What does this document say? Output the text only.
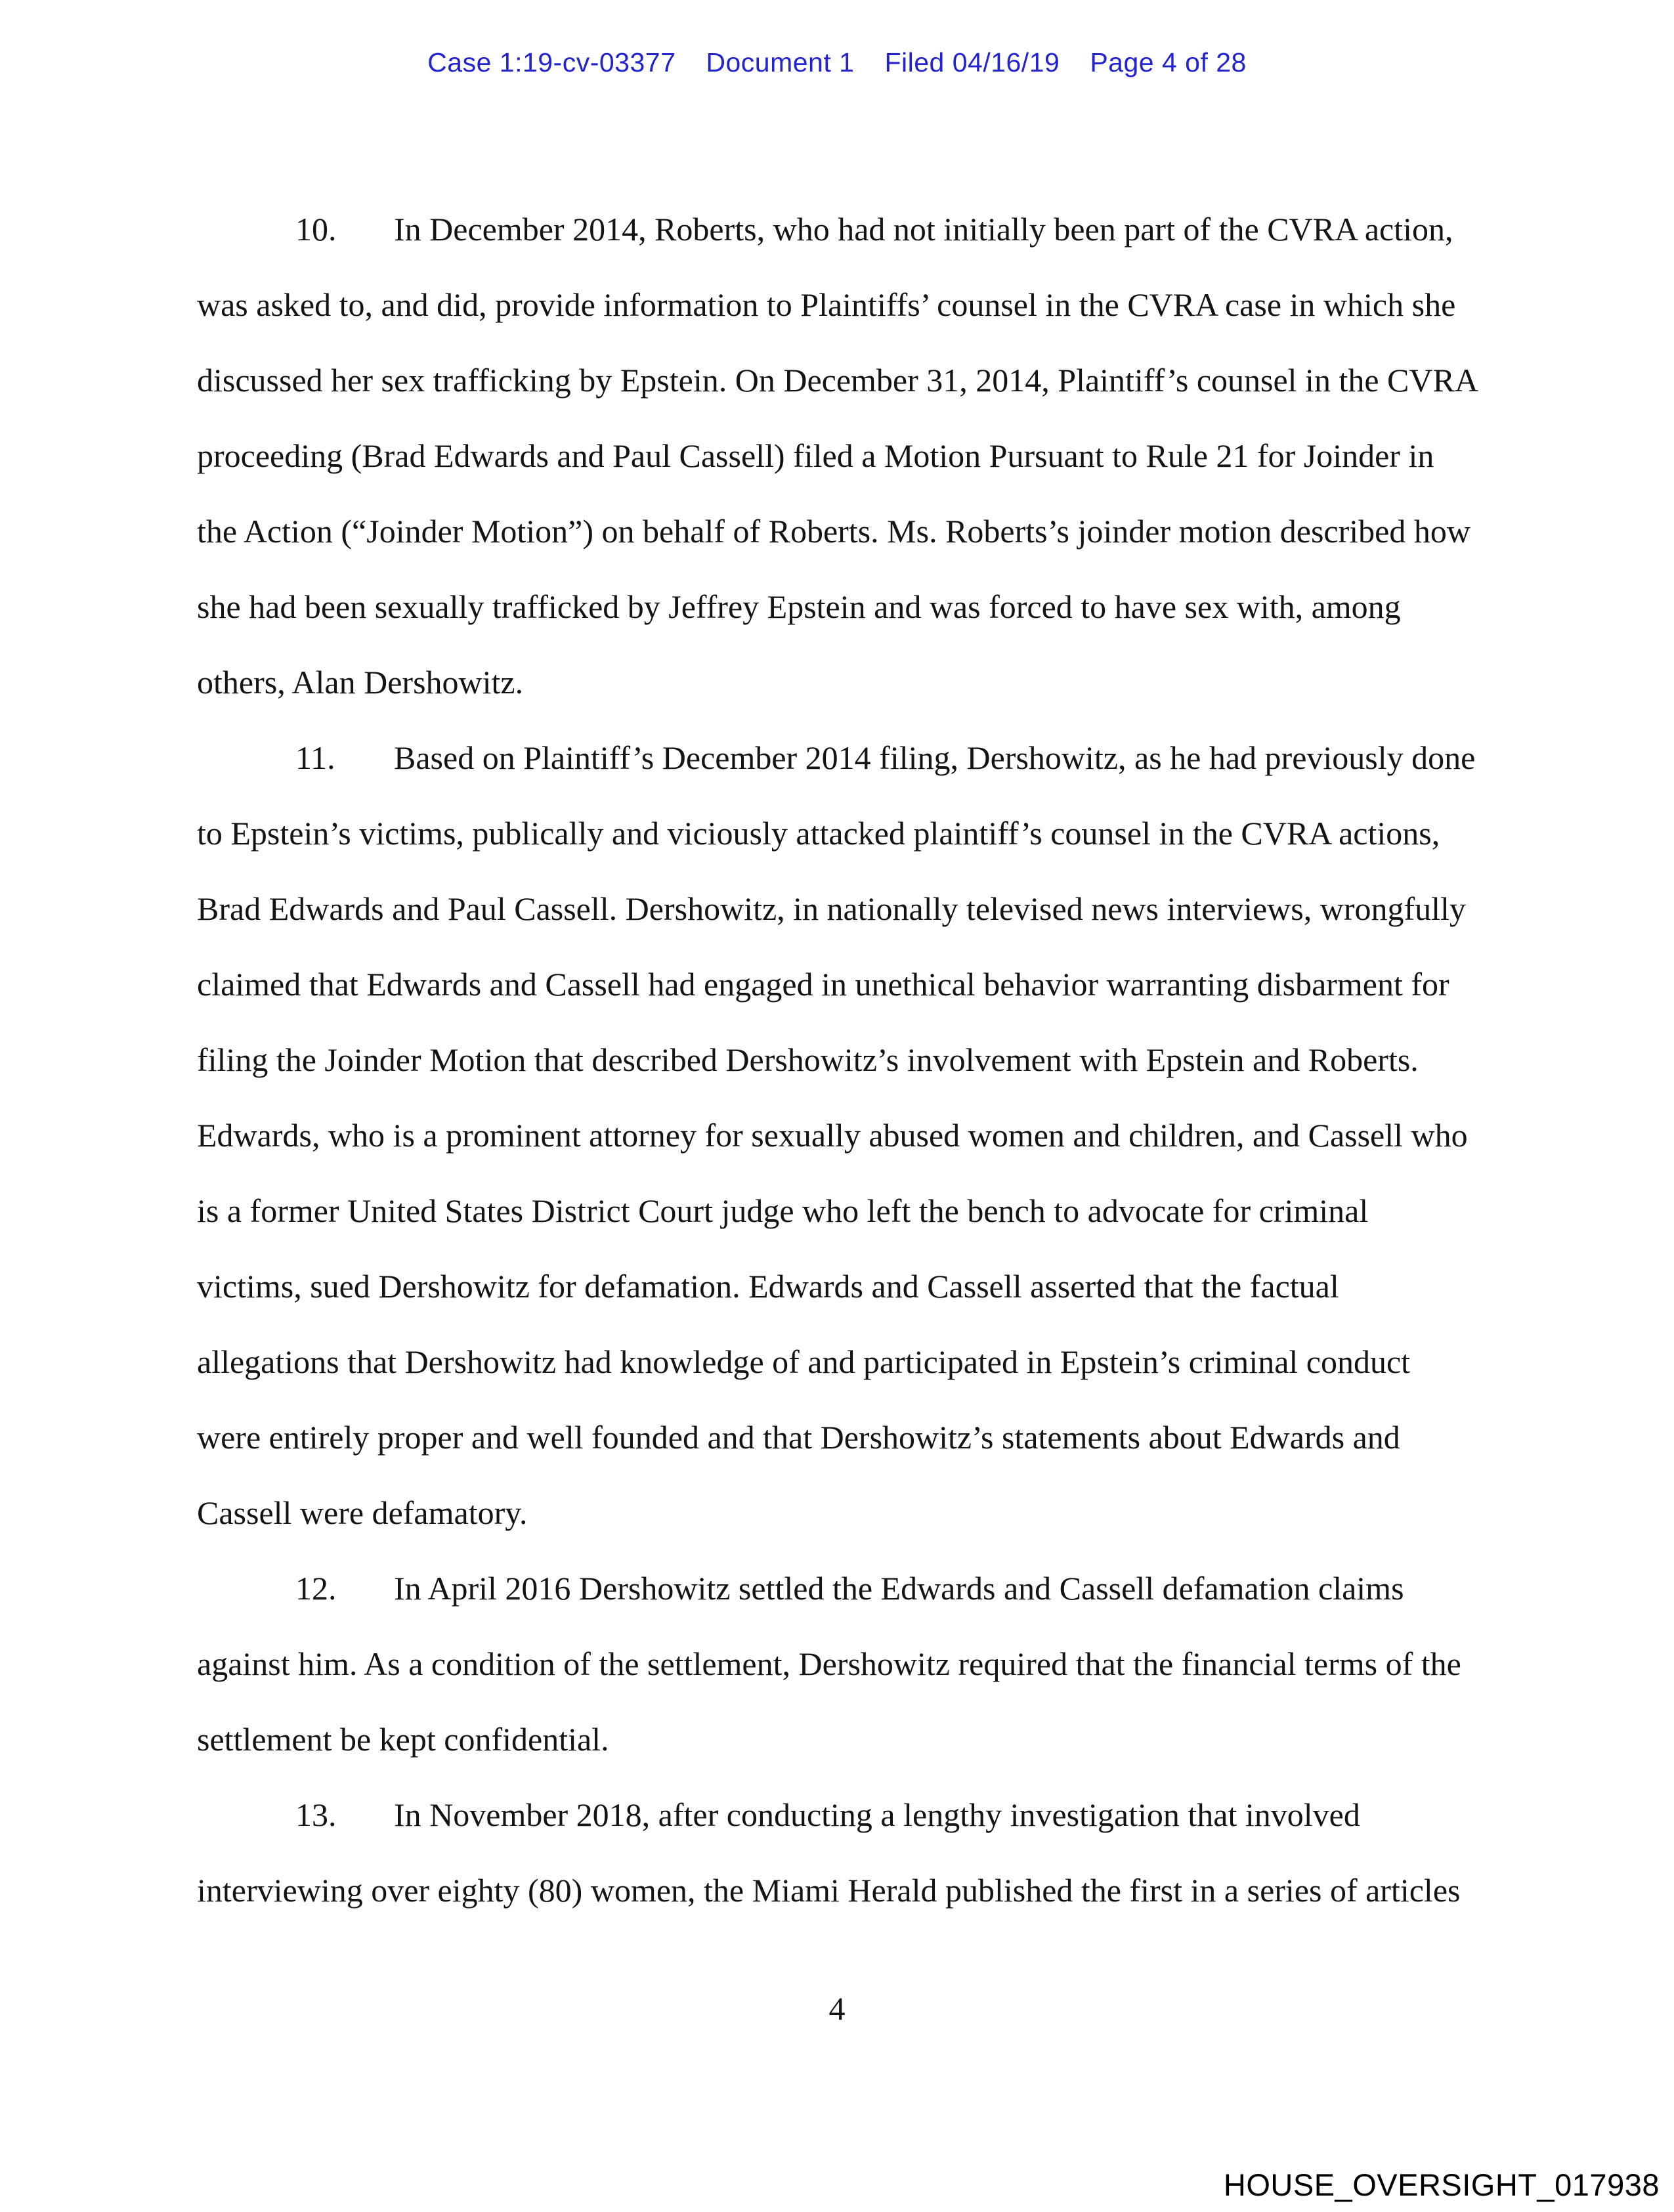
Case 1:19-cv-03377 Document 1 Filed 04/16/19 Page 4 of 28

10. In December 2014, Roberts, who had not initially been part of the CVRA action, was asked to, and did, provide information to Plaintiffs’ counsel in the CVRA case in which she discussed her sex trafficking by Epstein. On December 31, 2014, Plaintiff’s counsel in the CVRA proceeding (Brad Edwards and Paul Cassell) filed a Motion Pursuant to Rule 21 for Joinder in the Action (“Joinder Motion”) on behalf of Roberts. Ms. Roberts’s joinder motion described how she had been sexually trafficked by Jeffrey Epstein and was forced to have sex with, among others, Alan Dershowitz.

11. Based on Plaintiff’s December 2014 filing, Dershowitz, as he had previously done to Epstein’s victims, publically and viciously attacked plaintiff’s counsel in the CVRA actions, Brad Edwards and Paul Cassell. Dershowitz, in nationally televised news interviews, wrongfully claimed that Edwards and Cassell had engaged in unethical behavior warranting disbarment for filing the Joinder Motion that described Dershowitz’s involvement with Epstein and Roberts. Edwards, who is a prominent attorney for sexually abused women and children, and Cassell who is a former United States District Court judge who left the bench to advocate for criminal victims, sued Dershowitz for defamation. Edwards and Cassell asserted that the factual allegations that Dershowitz had knowledge of and participated in Epstein’s criminal conduct were entirely proper and well founded and that Dershowitz’s statements about Edwards and Cassell were defamatory.

12. In April 2016 Dershowitz settled the Edwards and Cassell defamation claims against him. As a condition of the settlement, Dershowitz required that the financial terms of the settlement be kept confidential.

13. In November 2018, after conducting a lengthy investigation that involved interviewing over eighty (80) women, the Miami Herald published the first in a series of articles

4
HOUSE_OVERSIGHT_017938
